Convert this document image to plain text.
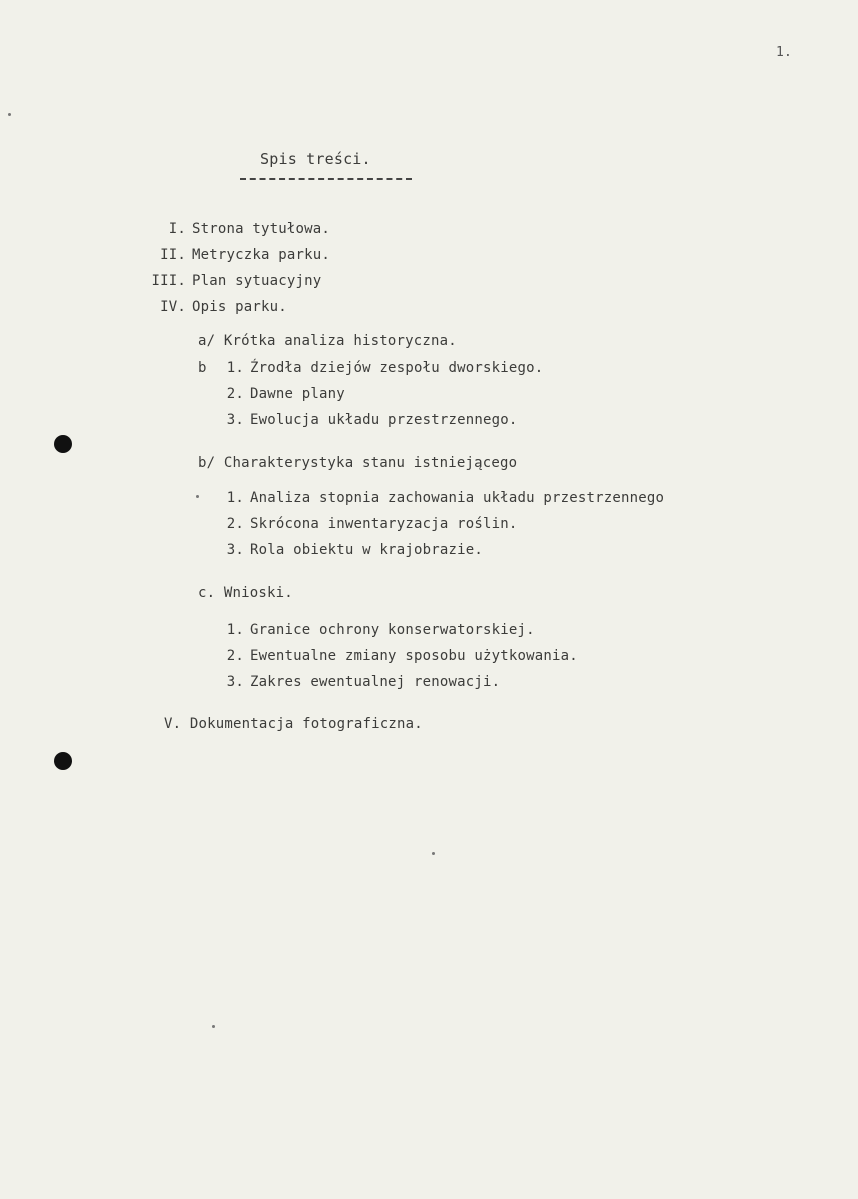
1.
Spis treści.
I. Strona tytułowa.
II. Metryczka parku.
III. Plan sytuacyjny
IV. Opis parku.
a/ Krótka analiza historyczna.
b	1. Źrodła dziejów zespołu dworskiego.
2. Dawne plany
3. Ewolucja układu przestrzennego.
b/ Charakterystyka stanu istniejącego
1. Analiza stopnia zachowania układu przestrzennego
2. Skrócona inwentaryzacja roślin.
3. Rola obiektu w krajobrazie.
c. Wnioski.
1. Granice ochrony konserwatorskiej.
2. Ewentualne zmiany sposobu użytkowania.
3. Zakres ewentualnej renowacji.
V. Dokumentacja fotograficzna.
